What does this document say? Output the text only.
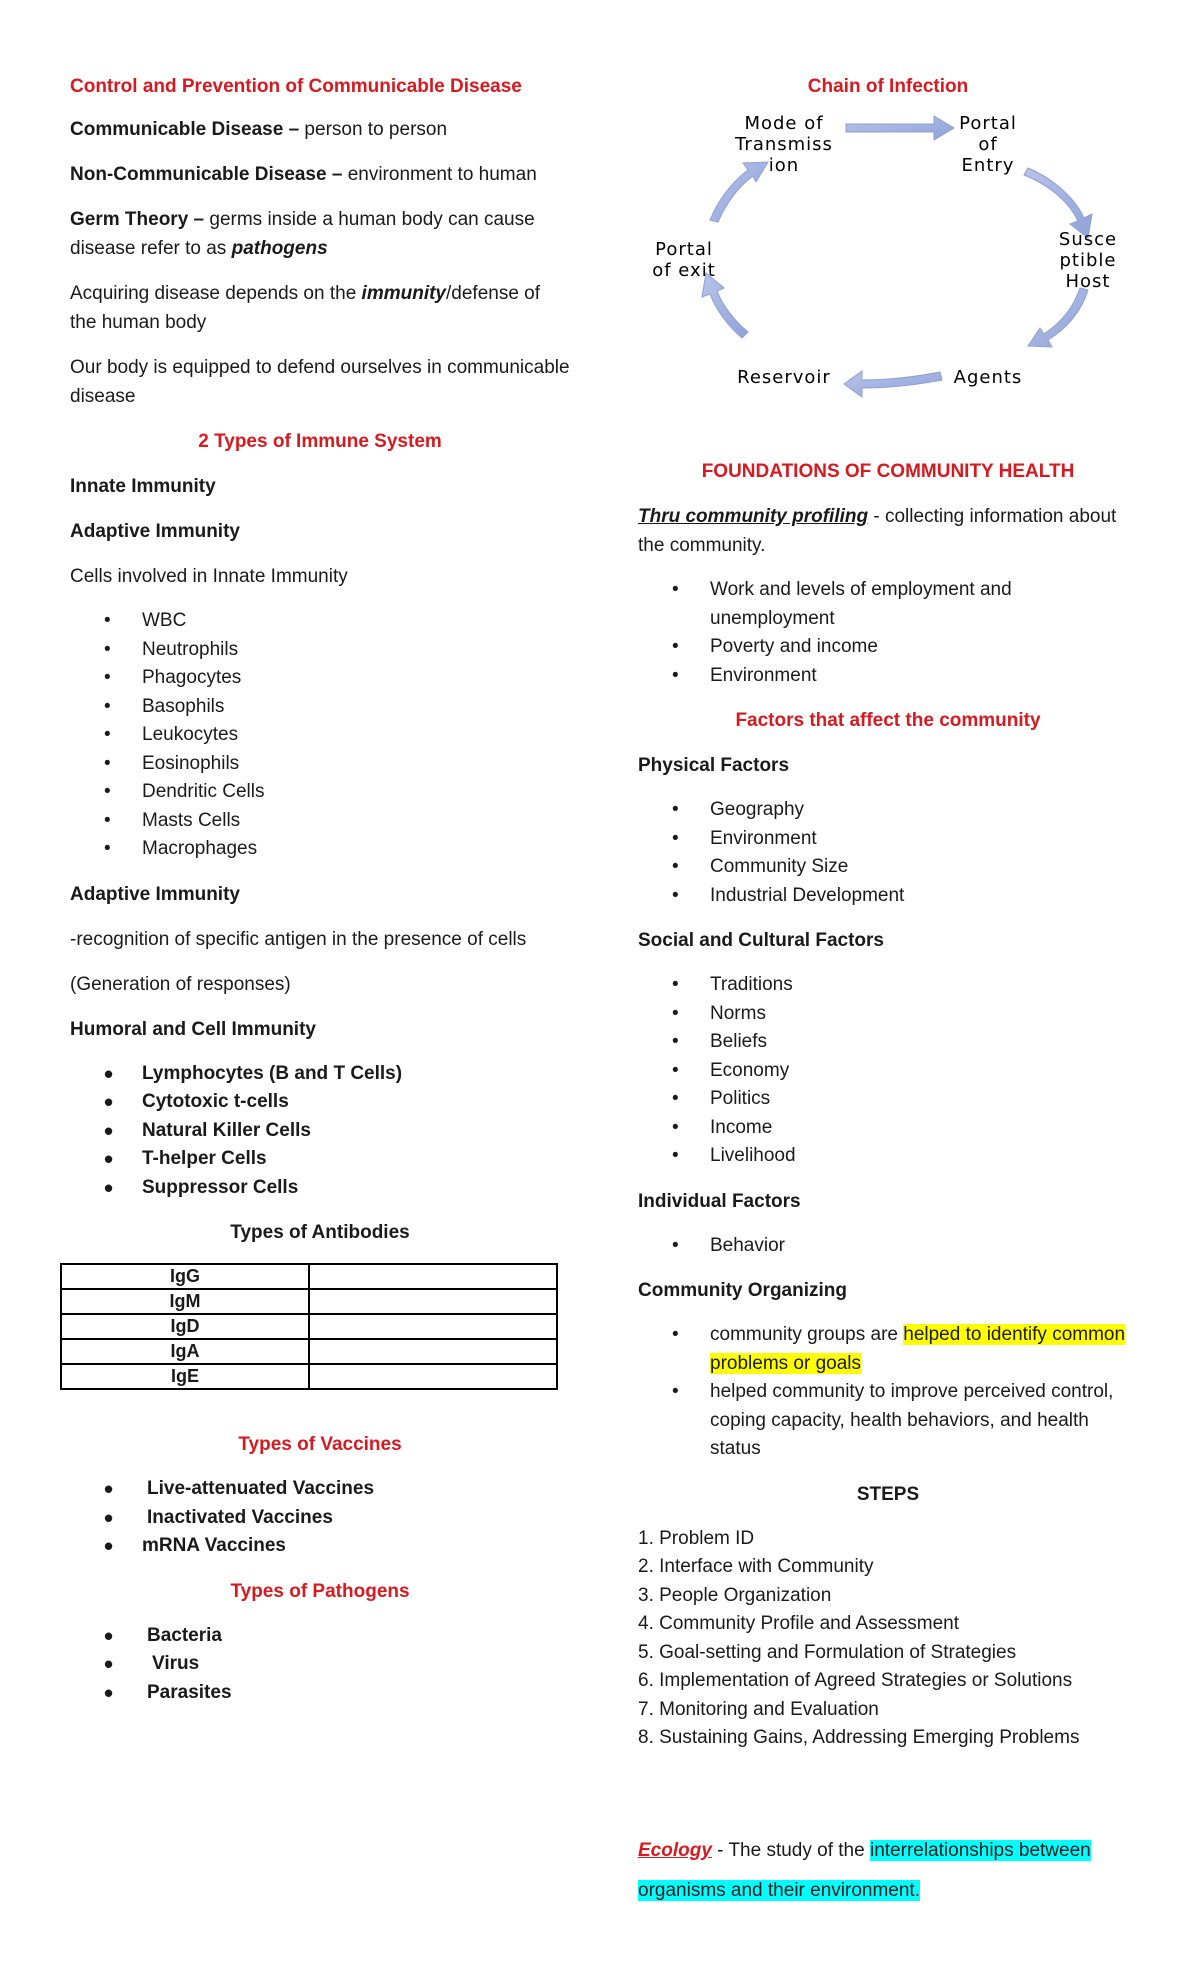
Control and Prevention of Communicable Disease

Communicable Disease – person to person

Non-Communicable Disease – environment to human

Germ Theory – germs inside a human body can cause disease refer to as pathogens

Acquiring disease depends on the immunity/defense of the human body

Our body is equipped to defend ourselves in communicable disease

2 Types of Immune System

Innate Immunity

Adaptive Immunity

Cells involved in Innate Immunity

• WBC
• Neutrophils
• Phagocytes
• Basophils
• Leukocytes
• Eosinophils
• Dendritic Cells
• Masts Cells
• Macrophages

Adaptive Immunity

-recognition of specific antigen in the presence of cells

(Generation of responses)

Humoral and Cell Immunity

• Lymphocytes (B and T Cells)
• Cytotoxic t-cells
• Natural Killer Cells
• T-helper Cells
• Suppressor Cells

Types of Antibodies

IgG	
IgM	
IgD	
IgA	
IgE	

Types of Vaccines

• Live-attenuated Vaccines
• Inactivated Vaccines
• mRNA Vaccines

Types of Pathogens

• Bacteria
• Virus
• Parasites
Mode of Transmiss ion
Portal of Entry
Susce ptible Host
Agents
Reservoir
Portal of exit

Chain of Infection

FOUNDATIONS OF COMMUNITY HEALTH

Thru community profiling - collecting information about the community.

• Work and levels of employment and unemployment
• Poverty and income
• Environment

Factors that affect the community

Physical Factors

• Geography
• Environment
• Community Size
• Industrial Development

Social and Cultural Factors

• Traditions
• Norms
• Beliefs
• Economy
• Politics
• Income
• Livelihood

Individual Factors

• Behavior

Community Organizing

• community groups are helped to identify common problems or goals
• helped community to improve perceived control, coping capacity, health behaviors, and health status

STEPS

1. Problem ID
2. Interface with Community
3. People Organization
4. Community Profile and Assessment
5. Goal-setting and Formulation of Strategies
6. Implementation of Agreed Strategies or Solutions
7. Monitoring and Evaluation
8. Sustaining Gains, Addressing Emerging Problems

Ecology - The study of the interrelationships between
organisms and their environment.
